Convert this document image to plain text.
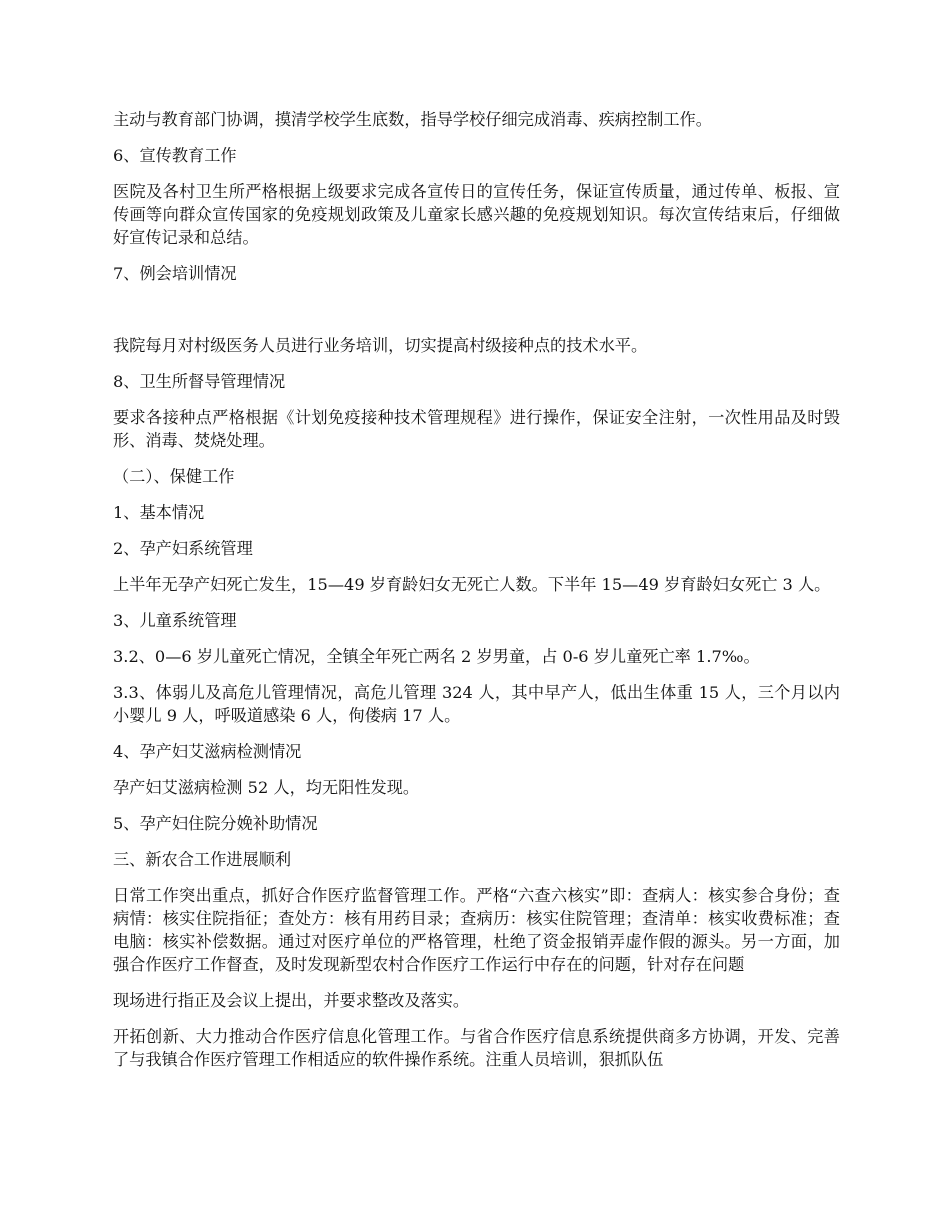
主动与教育部门协调，摸清学校学生底数，指导学校仔细完成消毒、疾病控制工作。

6、宣传教育工作

医院及各村卫生所严格根据上级要求完成各宣传日的宣传任务，保证宣传质量，通过传单、板报、宣传画等向群众宣传国家的免疫规划政策及儿童家长感兴趣的免疫规划知识。每次宣传结束后，仔细做好宣传记录和总结。

7、例会培训情况

我院每月对村级医务人员进行业务培训，切实提高村级接种点的技术水平。

8、卫生所督导管理情况

要求各接种点严格根据《计划免疫接种技术管理规程》进行操作，保证安全注射，一次性用品及时毁形、消毒、焚烧处理。

（二）、保健工作

1、基本情况

2、孕产妇系统管理

上半年无孕产妇死亡发生，15—49 岁育龄妇女无死亡人数。下半年 15—49 岁育龄妇女死亡 3 人。

3、儿童系统管理

3.2、0—6 岁儿童死亡情况，全镇全年死亡两名 2 岁男童，占 0-6 岁儿童死亡率 1.7‰。

3.3、体弱儿及高危儿管理情况，高危儿管理 324 人，其中早产人，低出生体重 15 人，三个月以内小婴儿 9 人，呼吸道感染 6 人，佝偻病 17 人。

4、孕产妇艾滋病检测情况

孕产妇艾滋病检测 52 人，均无阳性发现。

5、孕产妇住院分娩补助情况

三、新农合工作进展顺利

日常工作突出重点，抓好合作医疗监督管理工作。严格“六查六核实”即：查病人：核实参合身份；查病情：核实住院指征；查处方：核有用药目录；查病历：核实住院管理；查清单：核实收费标准；查电脑：核实补偿数据。通过对医疗单位的严格管理，杜绝了资金报销弄虚作假的源头。另一方面，加强合作医疗工作督查，及时发现新型农村合作医疗工作运行中存在的问题，针对存在问题

现场进行指正及会议上提出，并要求整改及落实。

开拓创新、大力推动合作医疗信息化管理工作。与省合作医疗信息系统提供商多方协调，开发、完善了与我镇合作医疗管理工作相适应的软件操作系统。注重人员培训，狠抓队伍
